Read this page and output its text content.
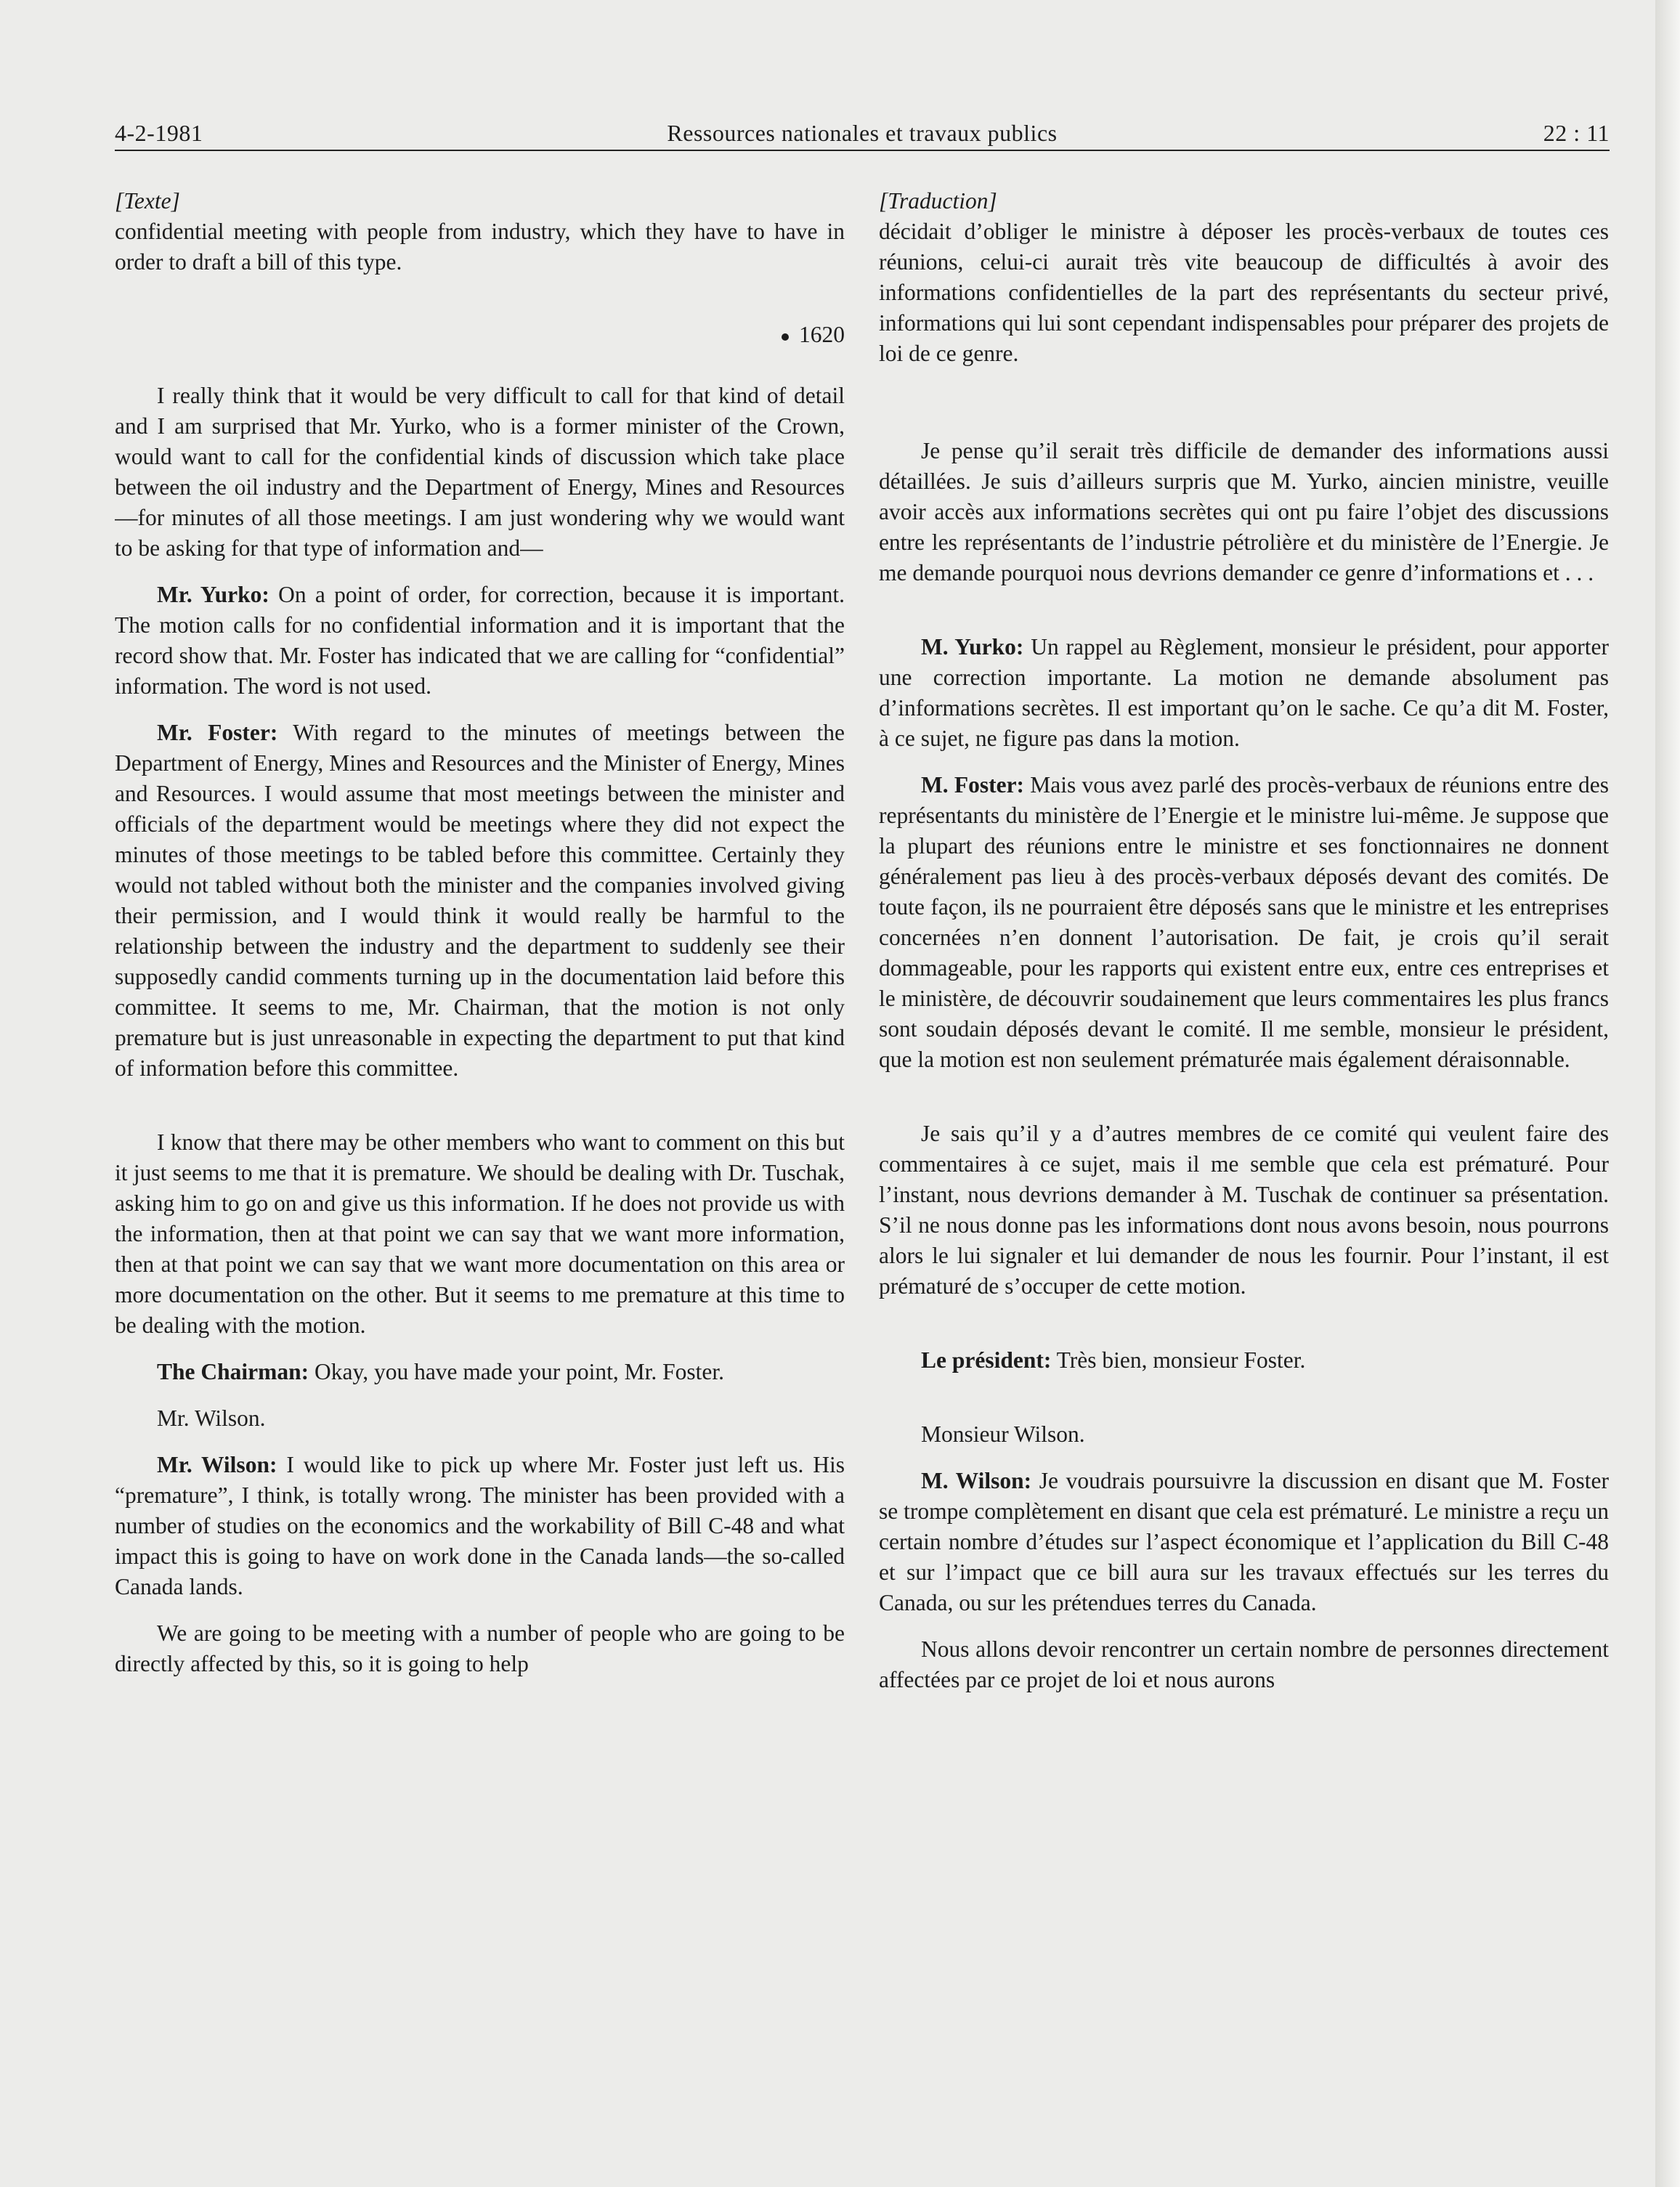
4-2-1981	Ressources nationales et travaux publics	22 : 11

[Texte]

confidential meeting with people from industry, which they have to have in order to draft a bill of this type.

1620

I really think that it would be very difficult to call for that kind of detail and I am surprised that Mr. Yurko, who is a former minister of the Crown, would want to call for the confidential kinds of discussion which take place between the oil industry and the Department of Energy, Mines and Resources—for minutes of all those meetings. I am just wondering why we would want to be asking for that type of information and—

Mr. Yurko: On a point of order, for correction, because it is important. The motion calls for no confidential information and it is important that the record show that. Mr. Foster has indicated that we are calling for “confidential” information. The word is not used.

Mr. Foster: With regard to the minutes of meetings between the Department of Energy, Mines and Resources and the Minister of Energy, Mines and Resources. I would assume that most meetings between the minister and officials of the department would be meetings where they did not expect the minutes of those meetings to be tabled before this committee. Certainly they would not tabled without both the minister and the companies involved giving their permission, and I would think it would really be harmful to the relationship between the industry and the department to suddenly see their supposedly candid comments turning up in the documentation laid before this committee. It seems to me, Mr. Chairman, that the motion is not only premature but is just unreasonable in expecting the department to put that kind of information before this committee.

I know that there may be other members who want to comment on this but it just seems to me that it is premature. We should be dealing with Dr. Tuschak, asking him to go on and give us this information. If he does not provide us with the information, then at that point we can say that we want more information, then at that point we can say that we want more documentation on this area or more documentation on the other. But it seems to me premature at this time to be dealing with the motion.

The Chairman: Okay, you have made your point, Mr. Foster.

Mr. Wilson.

Mr. Wilson: I would like to pick up where Mr. Foster just left us. His “premature”, I think, is totally wrong. The minister has been provided with a number of studies on the economics and the workability of Bill C-48 and what impact this is going to have on work done in the Canada lands—the so-called Canada lands.

We are going to be meeting with a number of people who are going to be directly affected by this, so it is going to help

[Traduction]

décidait d’obliger le ministre à déposer les procès-verbaux de toutes ces réunions, celui-ci aurait très vite beaucoup de difficultés à avoir des informations confidentielles de la part des représentants du secteur privé, informations qui lui sont cependant indispensables pour préparer des projets de loi de ce genre.

Je pense qu’il serait très difficile de demander des informations aussi détaillées. Je suis d’ailleurs surpris que M. Yurko, aincien ministre, veuille avoir accès aux informations secrètes qui ont pu faire l’objet des discussions entre les représentants de l’industrie pétrolière et du ministère de l’Energie. Je me demande pourquoi nous devrions demander ce genre d’informations et . . .

M. Yurko: Un rappel au Règlement, monsieur le président, pour apporter une correction importante. La motion ne demande absolument pas d’informations secrètes. Il est important qu’on le sache. Ce qu’a dit M. Foster, à ce sujet, ne figure pas dans la motion.

M. Foster: Mais vous avez parlé des procès-verbaux de réunions entre des représentants du ministère de l’Energie et le ministre lui-même. Je suppose que la plupart des réunions entre le ministre et ses fonctionnaires ne donnent généralement pas lieu à des procès-verbaux déposés devant des comités. De toute façon, ils ne pourraient être déposés sans que le ministre et les entreprises concernées n’en donnent l’autorisation. De fait, je crois qu’il serait dommageable, pour les rapports qui existent entre eux, entre ces entreprises et le ministère, de découvrir soudainement que leurs commentaires les plus francs sont soudain déposés devant le comité. Il me semble, monsieur le président, que la motion est non seulement prématurée mais également déraisonnable.

Je sais qu’il y a d’autres membres de ce comité qui veulent faire des commentaires à ce sujet, mais il me semble que cela est prématuré. Pour l’instant, nous devrions demander à M. Tuschak de continuer sa présentation. S’il ne nous donne pas les informations dont nous avons besoin, nous pourrons alors le lui signaler et lui demander de nous les fournir. Pour l’instant, il est prématuré de s’occuper de cette motion.

Le président: Très bien, monsieur Foster.

Monsieur Wilson.

M. Wilson: Je voudrais poursuivre la discussion en disant que M. Foster se trompe complètement en disant que cela est prématuré. Le ministre a reçu un certain nombre d’études sur l’aspect économique et l’application du Bill C-48 et sur l’impact que ce bill aura sur les travaux effectués sur les terres du Canada, ou sur les prétendues terres du Canada.

Nous allons devoir rencontrer un certain nombre de personnes directement affectées par ce projet de loi et nous aurons
